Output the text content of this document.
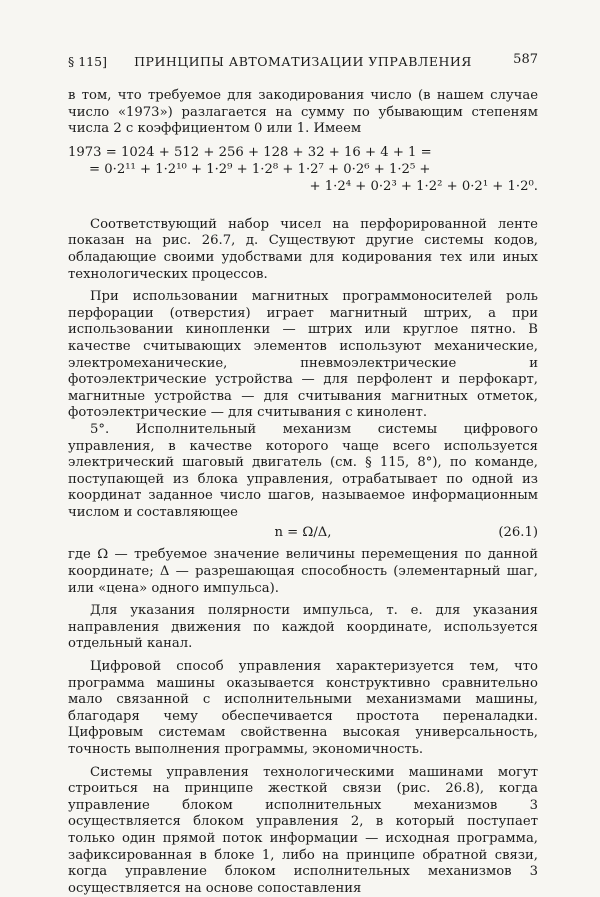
§ 115]	ПРИНЦИПЫ АВТОМАТИЗАЦИИ УПРАВЛЕНИЯ	587

в том, что требуемое для закодирования число (в нашем случае число «1973») разлагается на сумму по убывающим степеням числа 2 с коэффициентом 0 или 1. Имеем

1973 = 1024 + 512 + 256 + 128 + 32 + 16 + 4 + 1 =
= 0·2¹¹ + 1·2¹⁰ + 1·2⁹ + 1·2⁸ + 1·2⁷ + 0·2⁶ + 1·2⁵ +
+ 1·2⁴ + 0·2³ + 1·2² + 0·2¹ + 1·2⁰.

Соответствующий набор чисел на перфорированной ленте показан на рис. 26.7, д. Существуют другие системы кодов, обладающие своими удобствами для кодирования тех или иных технологических процессов.

При использовании магнитных программоносителей роль перфорации (отверстия) играет магнитный штрих, а при использовании кинопленки — штрих или круглое пятно. В качестве считывающих элементов используют механические, электромеханические, пневмоэлектрические и фотоэлектрические устройства — для перфолент и перфокарт, магнитные устройства — для считывания магнитных отметок, фотоэлектрические — для считывания с кинолент.

5°. Исполнительный механизм системы цифрового управления, в качестве которого чаще всего используется электрический шаговый двигатель (см. § 115, 8°), по команде, поступающей из блока управления, отрабатывает по одной из координат заданное число шагов, называемое информационным числом и составляющее

n = Ω/Δ,	(26.1)

где Ω — требуемое значение величины перемещения по данной координате; Δ — разрешающая способность (элементарный шаг, или «цена» одного импульса).

Для указания полярности импульса, т. е. для указания направления движения по каждой координате, используется отдельный канал.

Цифровой способ управления характеризуется тем, что программа машины оказывается конструктивно сравнительно мало связанной с исполнительными механизмами машины, благодаря чему обеспечивается простота переналадки. Цифровым системам свойственна высокая универсальность, точность выполнения программы, экономичность.

Системы управления технологическими машинами могут строиться на принципе жесткой связи (рис. 26.8), когда управление блоком исполнительных механизмов 3 осуществляется блоком управления 2, в который поступает только один прямой поток информации — исходная программа, зафиксированная в блоке 1, либо на принципе обратной связи, когда управление блоком исполнительных механизмов 3 осуществляется на основе сопоставления
